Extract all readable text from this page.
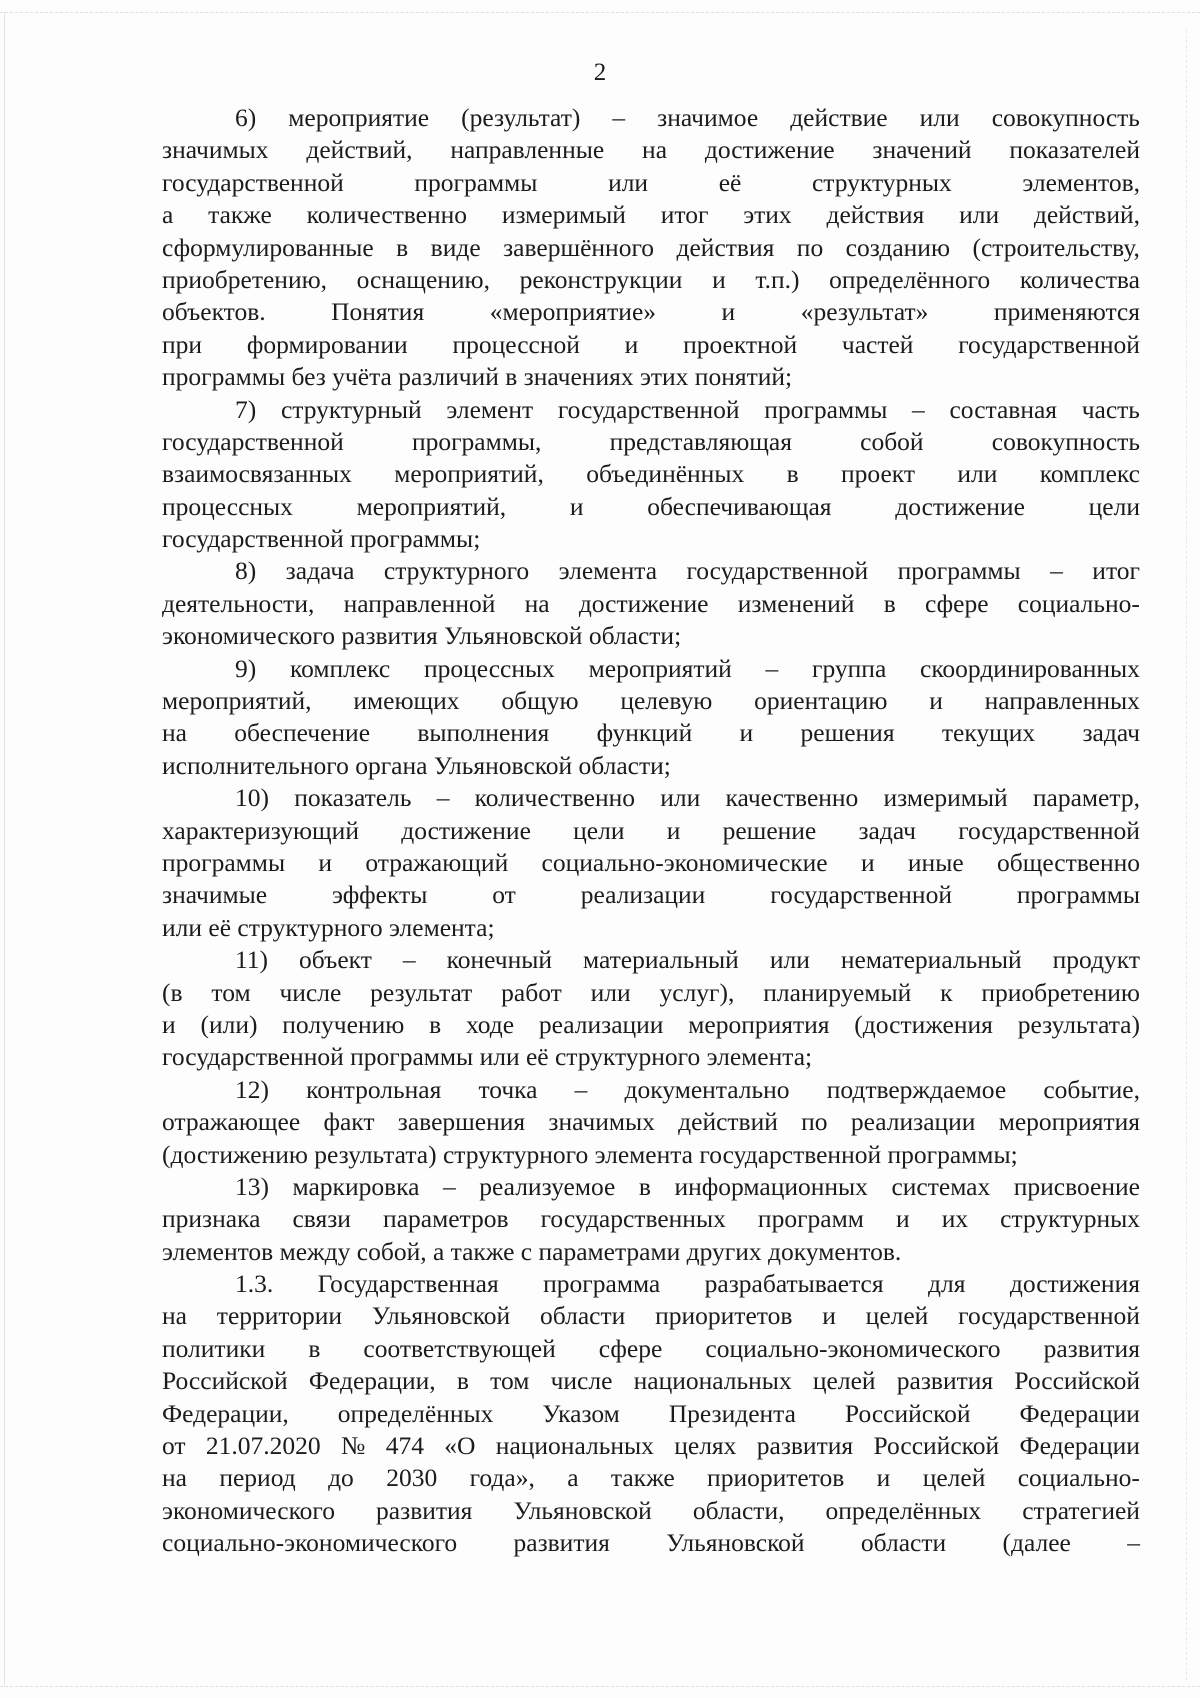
2
6) мероприятие (результат) – значимое действие или совокупность
значимых действий, направленные на достижение значений показателей
государственной	программы	или	её	структурных	элементов,
а также количественно измеримый итог этих действия или действий,
сформулированные в виде завершённого действия по созданию (строительству,
приобретению, оснащению, реконструкции и т.п.) определённого количества
объектов.	Понятия	«мероприятие»	и	«результат»	применяются
при формировании процессной и проектной частей государственной
программы без учёта различий в значениях этих понятий;
7) структурный элемент государственной программы – составная часть
государственной	программы,	представляющая	собой	совокупность
взаимосвязанных мероприятий, объединённых в проект или комплекс
процессных мероприятий, и обеспечивающая достижение цели
государственной программы;
8) задача структурного элемента государственной программы – итог
деятельности, направленной на достижение изменений в сфере социально-
экономического развития Ульяновской области;
9) комплекс процессных мероприятий – группа скоординированных
мероприятий, имеющих общую целевую ориентацию и направленных
на обеспечение выполнения функций и решения текущих задач
исполнительного органа Ульяновской области;
10) показатель – количественно или качественно измеримый параметр,
характеризующий достижение цели и решение задач государственной
программы и отражающий социально-экономические и иные общественно
значимые	эффекты	от	реализации	государственной	программы
или её структурного элемента;
11) объект – конечный материальный или нематериальный продукт
(в том числе результат работ или услуг), планируемый к приобретению
и (или) получению в ходе реализации мероприятия (достижения результата)
государственной программы или её структурного элемента;
12) контрольная точка – документально подтверждаемое событие,
отражающее факт завершения значимых действий по реализации мероприятия
(достижению результата) структурного элемента государственной программы;
13) маркировка – реализуемое в информационных системах присвоение
признака связи параметров государственных программ и их структурных
элементов между собой, а также с параметрами других документов.
1.3. Государственная программа разрабатывается для достижения
на территории Ульяновской области приоритетов и целей государственной
политики в соответствующей сфере социально-экономического развития
Российской Федерации, в том числе национальных целей развития Российской
Федерации, определённых Указом Президента Российской Федерации
от 21.07.2020 № 474 «О национальных целях развития Российской Федерации
на период до 2030 года», а также приоритетов и целей социально-
экономического развития Ульяновской области, определённых стратегией
социально-экономического развития Ульяновской области (далее –
